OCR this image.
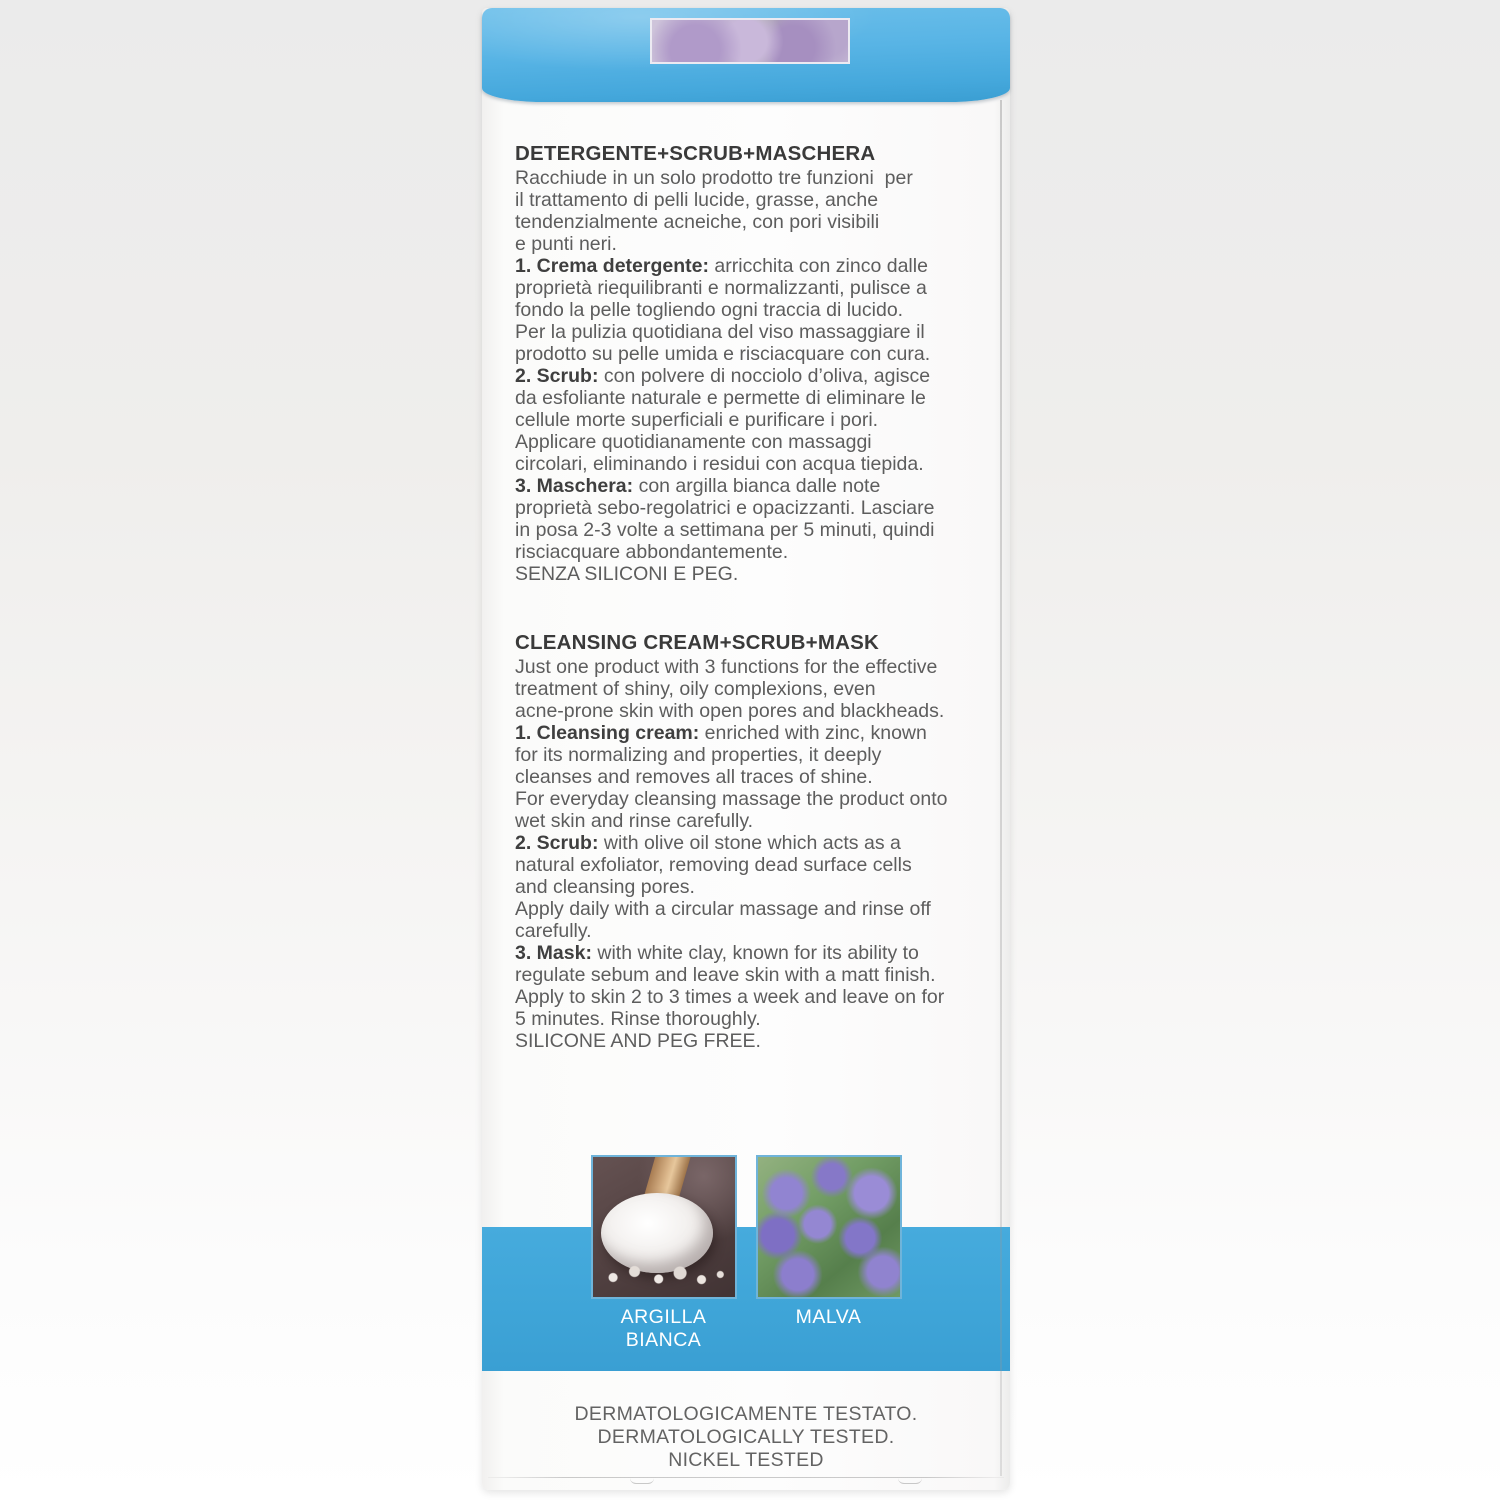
DETERGENTE+SCRUB+MASCHERA
Racchiude in un solo prodotto tre funzioni  per
il trattamento di pelli lucide, grasse, anche
tendenzialmente acneiche, con pori visibili
e punti neri.
1. Crema detergente: arricchita con zinco dalle
proprietà riequilibranti e normalizzanti, pulisce a
fondo la pelle togliendo ogni traccia di lucido.
Per la pulizia quotidiana del viso massaggiare il
prodotto su pelle umida e risciacquare con cura.
2. Scrub: con polvere di nocciolo d’oliva, agisce
da esfoliante naturale e permette di eliminare le
cellule morte superficiali e purificare i pori.
Applicare quotidianamente con massaggi
circolari, eliminando i residui con acqua tiepida.
3. Maschera: con argilla bianca dalle note
proprietà sebo-regolatrici e opacizzanti. Lasciare
in posa 2-3 volte a settimana per 5 minuti, quindi
risciacquare abbondantemente.
SENZA SILICONI E PEG.
CLEANSING CREAM+SCRUB+MASK
Just one product with 3 functions for the effective
treatment of shiny, oily complexions, even
acne-prone skin with open pores and blackheads.
1. Cleansing cream: enriched with zinc, known
for its normalizing and properties, it deeply
cleanses and removes all traces of shine.
For everyday cleansing massage the product onto
wet skin and rinse carefully.
2. Scrub: with olive oil stone which acts as a
natural exfoliator, removing dead surface cells
and cleansing pores.
Apply daily with a circular massage and rinse off
carefully.
3. Mask: with white clay, known for its ability to
regulate sebum and leave skin with a matt finish.
Apply to skin 2 to 3 times a week and leave on for
5 minutes. Rinse thoroughly.
SILICONE AND PEG FREE.
ARGILLA
BIANCA
MALVA
DERMATOLOGICAMENTE TESTATO.
DERMATOLOGICALLY TESTED.
NICKEL TESTED
